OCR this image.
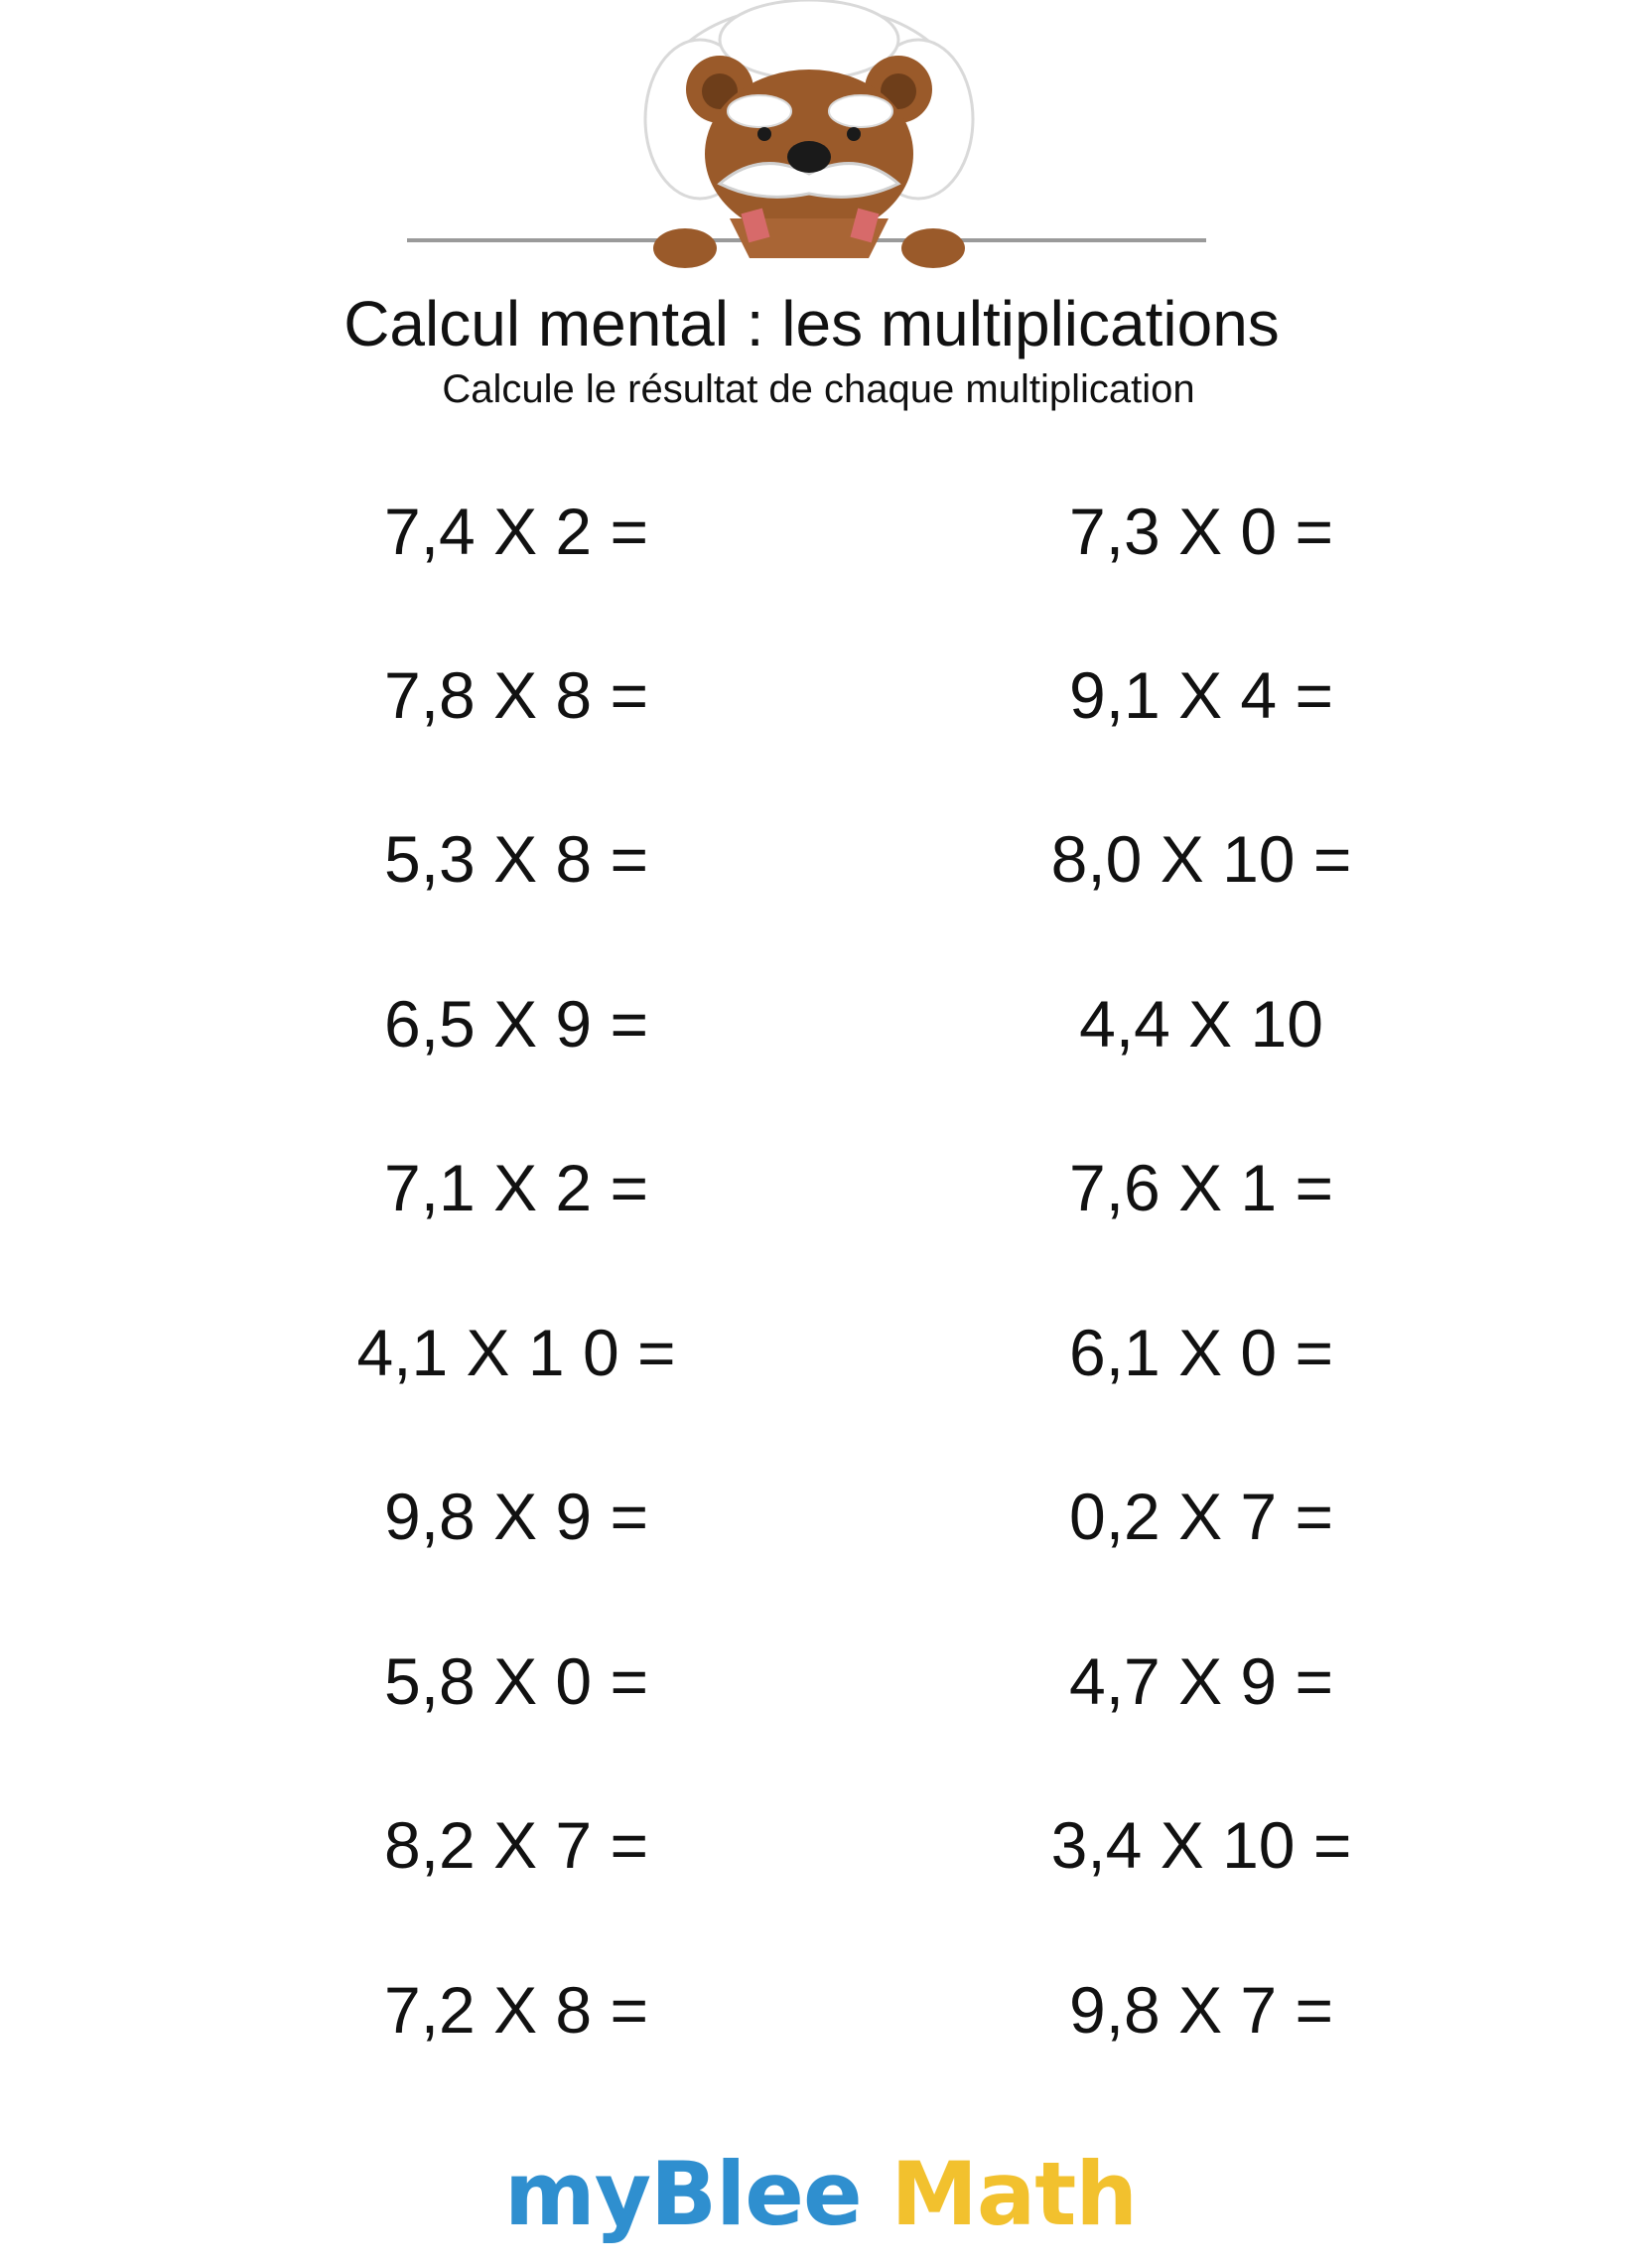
Calcul mental : les multiplications
Calcule le résultat de chaque multiplication
7,4 X 2 =
7,8 X 8 =
5,3 X 8 =
6,5 X 9 =
7,1 X 2 =
4,1 X 1 0 =
9,8 X 9 =
5,8 X 0 =
8,2 X 7 =
7,2 X 8 =
7,3 X 0 =
9,1 X 4 =
8,0 X 10 =
4,4 X 10
7,6 X 1 =
6,1 X 0 =
0,2 X 7 =
4,7 X 9 =
3,4 X 10 =
9,8 X 7 =
myBlee Math
